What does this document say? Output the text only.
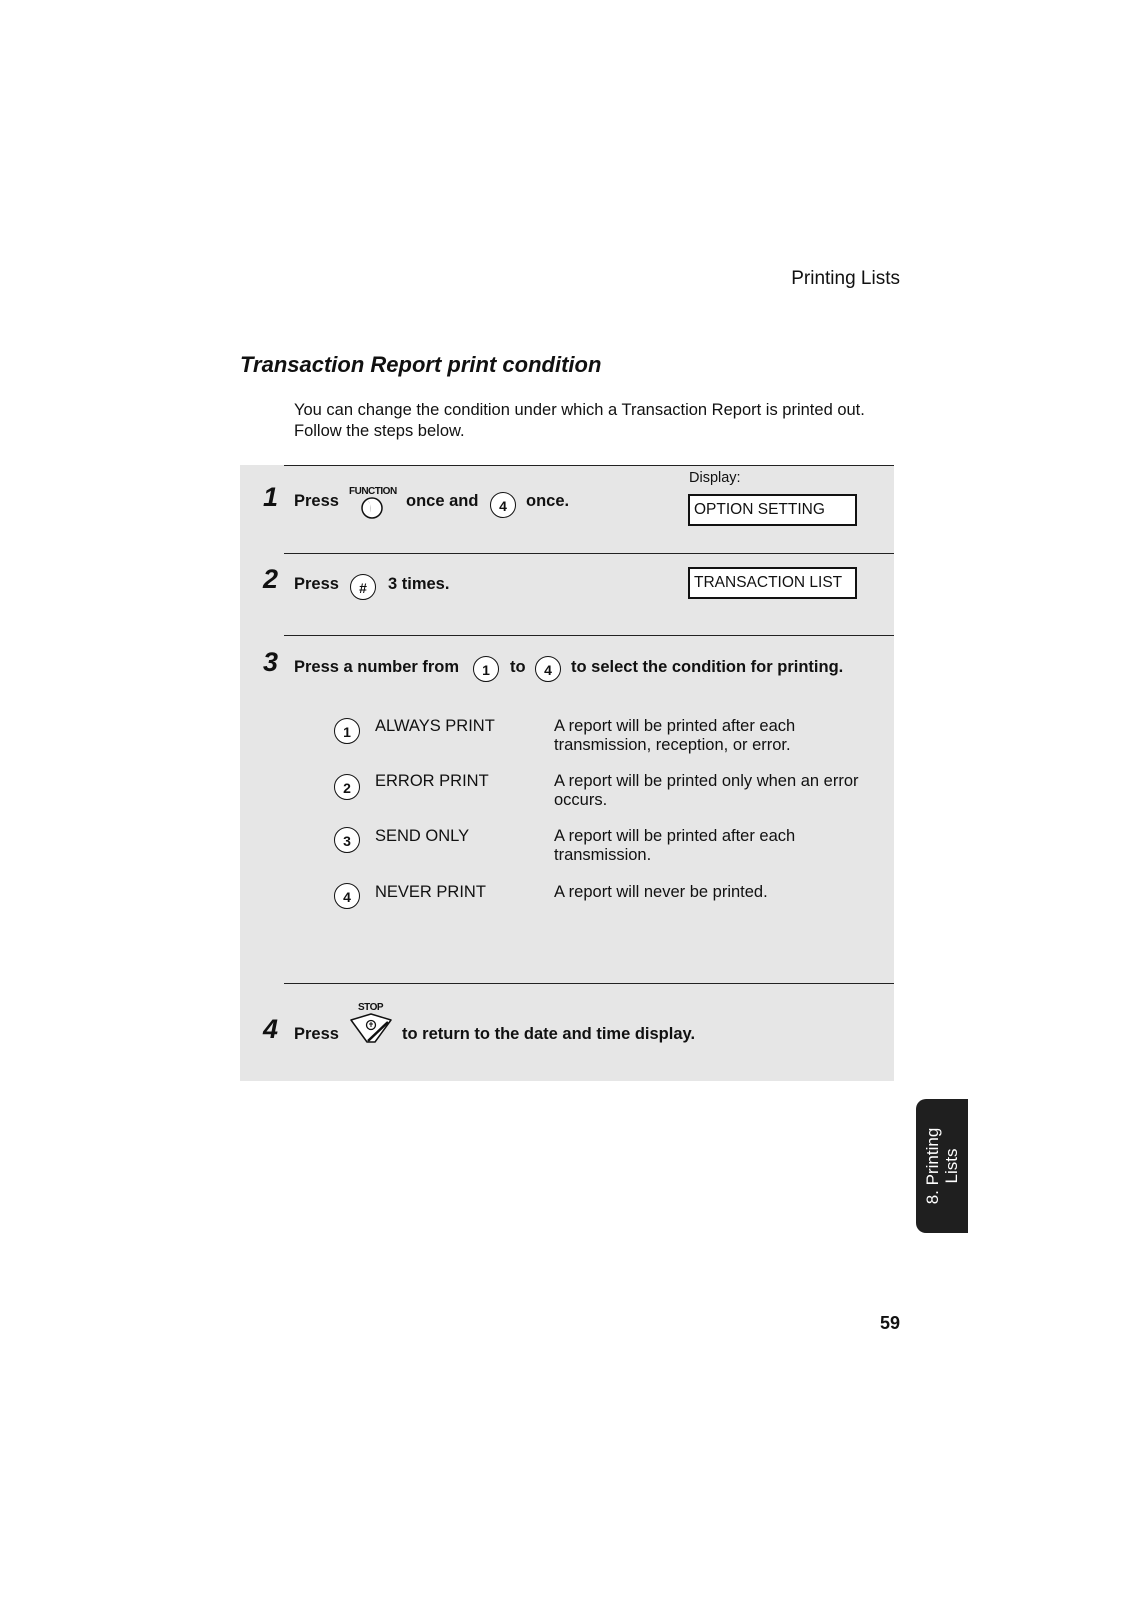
Printing Lists
Transaction Report print condition
You can change the condition under which a Transaction Report is printed out.
Follow the steps below.
Display:
1 Press
FUNCTION
once and	4	once.	OPTION SETTING
2 Press	#	3 times.	TRANSACTION LIST
3 Press a number from	1	to	4	to select the condition for printing.
1	ALWAYS PRINT	A report will be printed after each
transmission, reception, or error.
2	ERROR PRINT	A report will be printed only when an error
occurs.
3	SEND ONLY	A report will be printed after each
transmission.
4	NEVER PRINT	A report will never be printed.
4 Press
STOP
to return to the date and time display.
8. Printing Lists
59
